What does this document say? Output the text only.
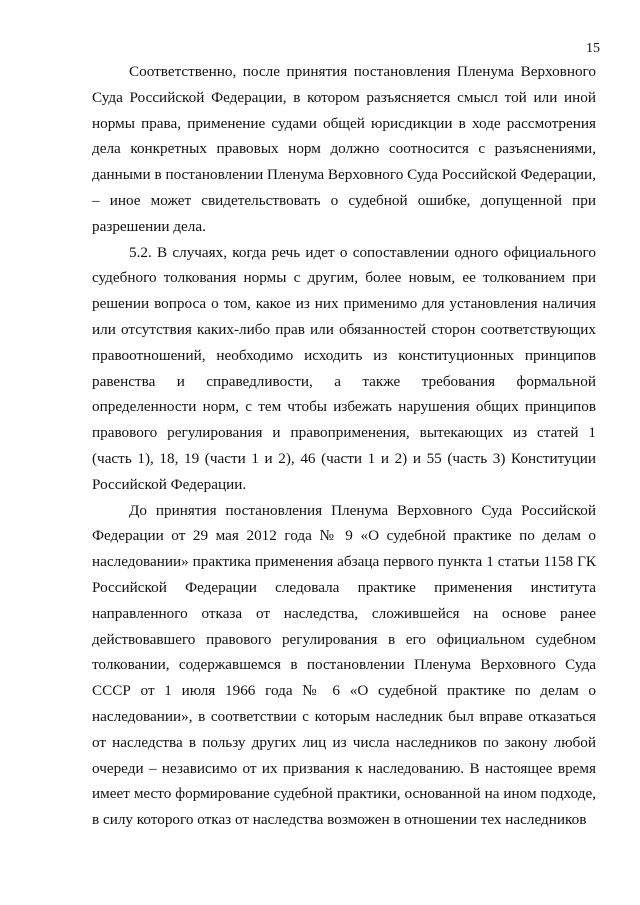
15

Соответственно, после принятия постановления Пленума Верховного Суда Российской Федерации, в котором разъясняется смысл той или иной нормы права, применение судами общей юрисдикции в ходе рассмотрения дела конкретных правовых норм должно соотносится с разъяснениями, данными в постановлении Пленума Верховного Суда Российской Федерации, – иное может свидетельствовать о судебной ошибке, допущенной при разрешении дела.

5.2. В случаях, когда речь идет о сопоставлении одного официального судебного толкования нормы с другим, более новым, ее толкованием при решении вопроса о том, какое из них применимо для установления наличия или отсутствия каких-либо прав или обязанностей сторон соответствующих правоотношений, необходимо исходить из конституционных принципов равенства и справедливости, а также требования формальной определенности норм, с тем чтобы избежать нарушения общих принципов правового регулирования и правоприменения, вытекающих из статей 1 (часть 1), 18, 19 (части 1 и 2), 46 (части 1 и 2) и 55 (часть 3) Конституции Российской Федерации.

До принятия постановления Пленума Верховного Суда Российской Федерации от 29 мая 2012 года № 9 «О судебной практике по делам о наследовании» практика применения абзаца первого пункта 1 статьи 1158 ГК Российской Федерации следовала практике применения института направленного отказа от наследства, сложившейся на основе ранее действовавшего правового регулирования в его официальном судебном толковании, содержавшемся в постановлении Пленума Верховного Суда СССР от 1 июля 1966 года № 6 «О судебной практике по делам о наследовании», в соответствии с которым наследник был вправе отказаться от наследства в пользу других лиц из числа наследников по закону любой очереди – независимо от их призвания к наследованию. В настоящее время имеет место формирование судебной практики, основанной на ином подходе, в силу которого отказ от наследства возможен в отношении тех наследников
